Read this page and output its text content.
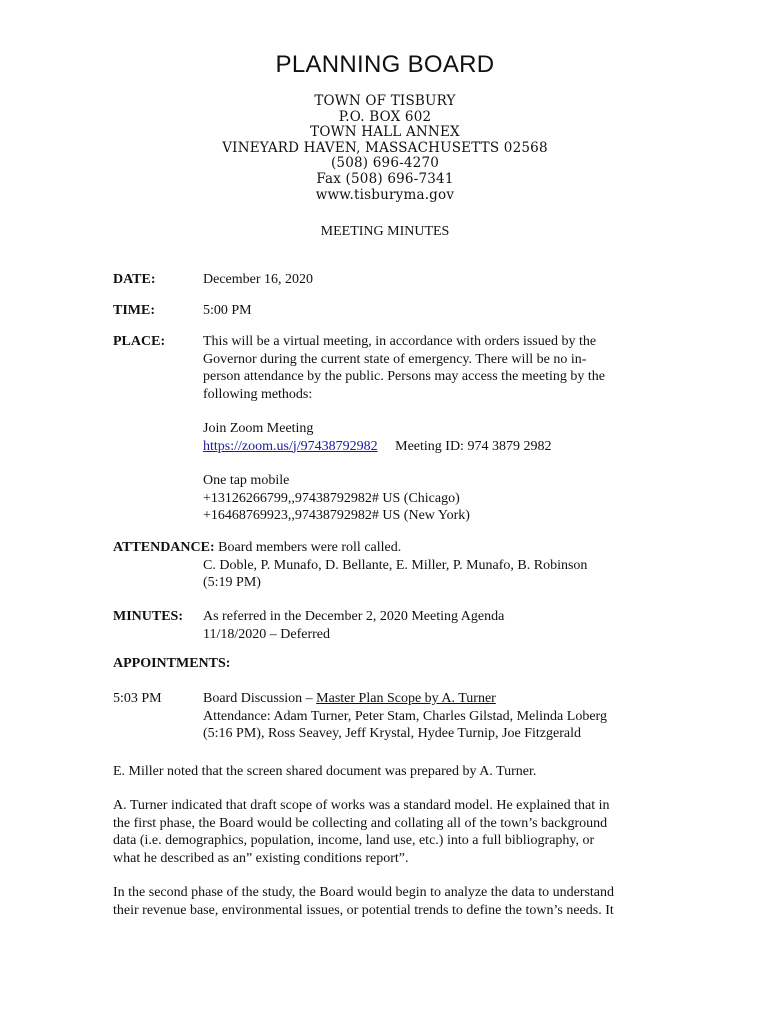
PLANNING BOARD
TOWN OF TISBURY
P.O. BOX 602
TOWN HALL ANNEX
VINEYARD HAVEN, MASSACHUSETTS 02568
(508) 696-4270
Fax (508) 696-7341
www.tisburyma.gov
MEETING MINUTES
DATE:	December 16, 2020
TIME:	5:00 PM
PLACE:	This will be a virtual meeting, in accordance with orders issued by the
Governor during the current state of emergency. There will be no in-
person attendance by the public. Persons may access the meeting by the
following methods:
Join Zoom Meeting
https://zoom.us/j/97438792982 Meeting ID: 974 3879 2982
One tap mobile
+13126266799,,97438792982# US (Chicago)
+16468769923,,97438792982# US (New York)
ATTENDANCE: Board members were roll called.
C. Doble, P. Munafo, D. Bellante, E. Miller, P. Munafo, B. Robinson
(5:19 PM)
MINUTES: As referred in the December 2, 2020 Meeting Agenda
11/18/2020 – Deferred
APPOINTMENTS:
5:03 PM	Board Discussion – Master Plan Scope by A. Turner
Attendance: Adam Turner, Peter Stam, Charles Gilstad, Melinda Loberg
(5:16 PM), Ross Seavey, Jeff Krystal, Hydee Turnip, Joe Fitzgerald
E. Miller noted that the screen shared document was prepared by A. Turner.
A. Turner indicated that draft scope of works was a standard model. He explained that in
the first phase, the Board would be collecting and collating all of the town’s background
data (i.e. demographics, population, income, land use, etc.) into a full bibliography, or
what he described as an” existing conditions report”.
In the second phase of the study, the Board would begin to analyze the data to understand
their revenue base, environmental issues, or potential trends to define the town’s needs. It
